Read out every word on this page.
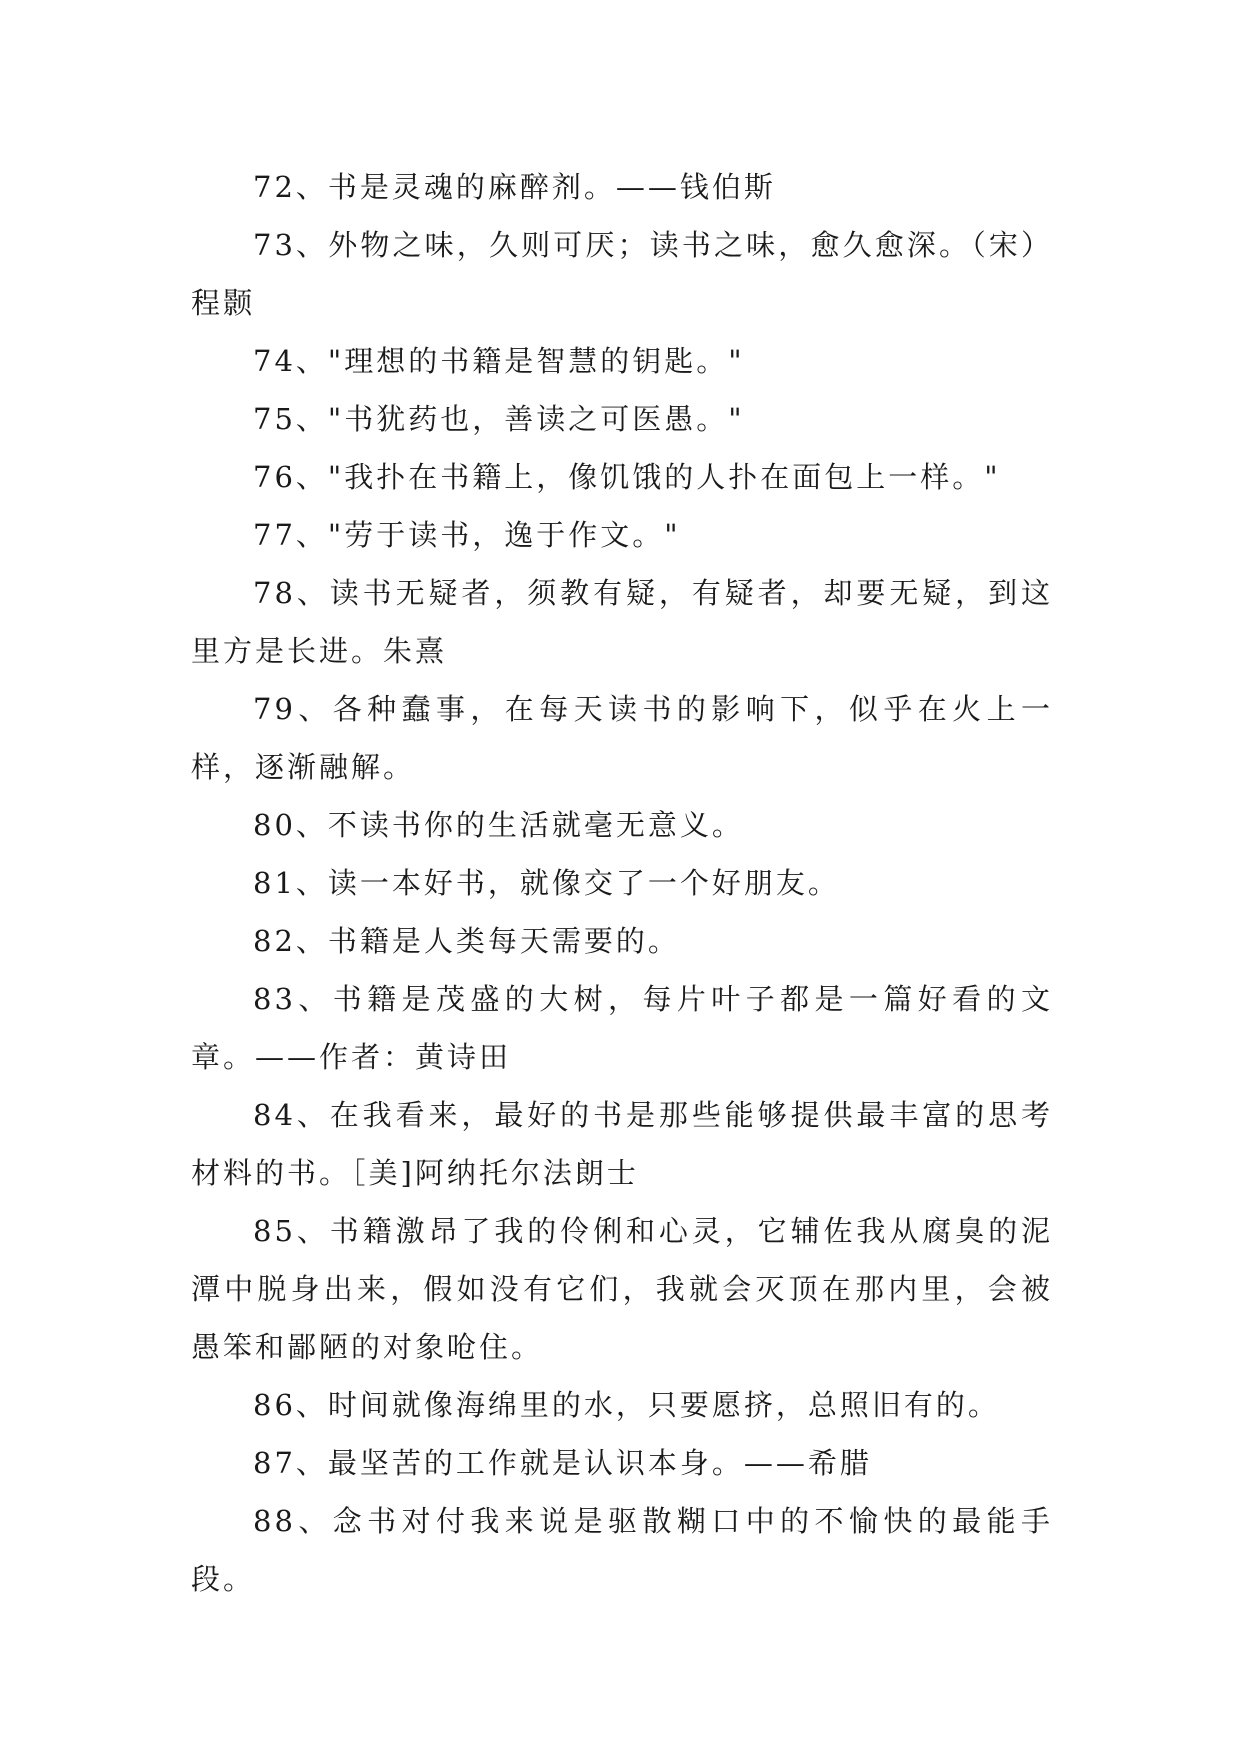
72、书是灵魂的麻醉剂。——钱伯斯

73、外物之味，久则可厌；读书之味，愈久愈深。（宋）程颢

74、"理想的书籍是智慧的钥匙。"

75、"书犹药也，善读之可医愚。"

76、"我扑在书籍上，像饥饿的人扑在面包上一样。"

77、"劳于读书，逸于作文。"

78、读书无疑者，须教有疑，有疑者，却要无疑，到这里方是长进。朱熹

79、各种蠢事，在每天读书的影响下，似乎在火上一样，逐渐融解。

80、不读书你的生活就毫无意义。

81、读一本好书，就像交了一个好朋友。

82、书籍是人类每天需要的。

83、书籍是茂盛的大树，每片叶子都是一篇好看的文章。——作者：黄诗田

84、在我看来，最好的书是那些能够提供最丰富的思考材料的书。［美]阿纳托尔法朗士

85、书籍激昂了我的伶俐和心灵，它辅佐我从腐臭的泥潭中脱身出来，假如没有它们，我就会灭顶在那内里，会被愚笨和鄙陋的对象呛住。

86、时间就像海绵里的水，只要愿挤，总照旧有的。

87、最坚苦的工作就是认识本身。——希腊

88、念书对付我来说是驱散糊口中的不愉快的最能手段。
